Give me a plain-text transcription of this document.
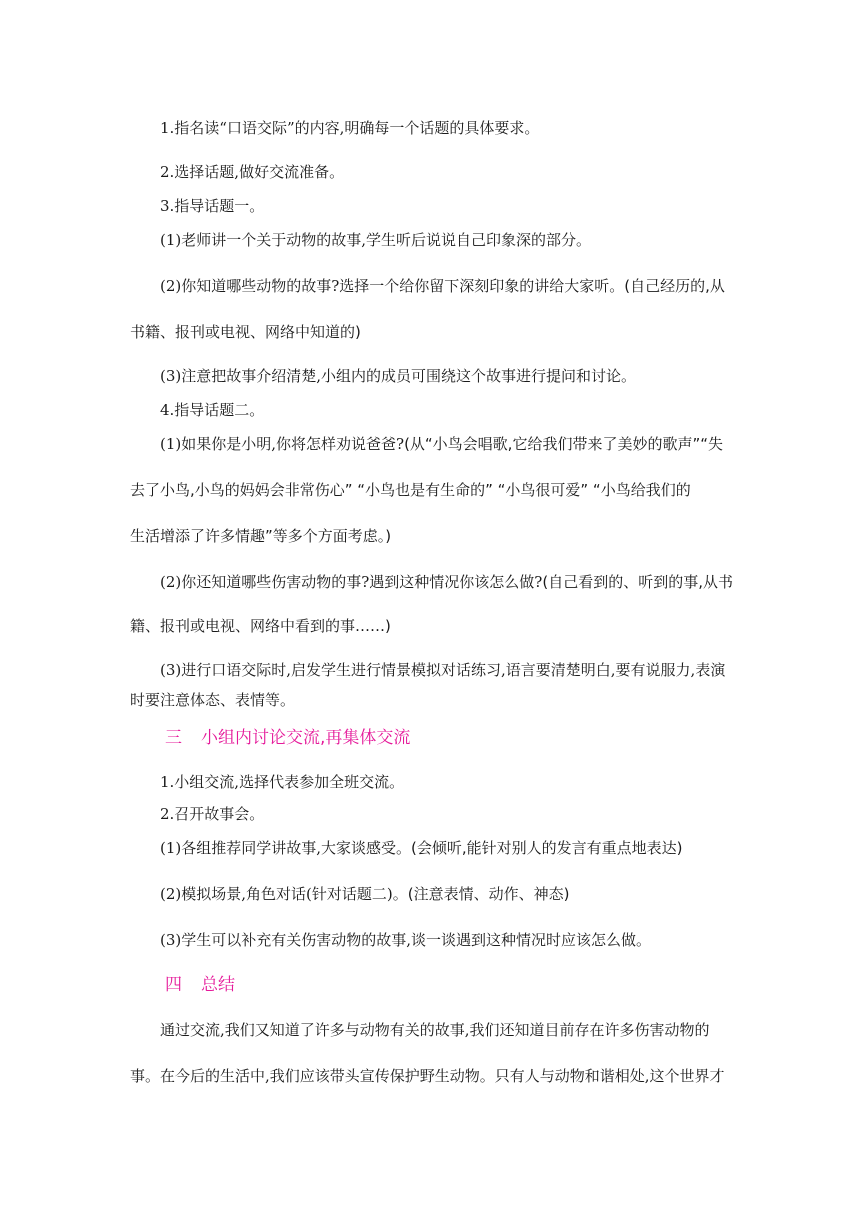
1.指名读“口语交际”的内容,明确每一个话题的具体要求。
2.选择话题,做好交流准备。
3.指导话题一。
(1)老师讲一个关于动物的故事,学生听后说说自己印象深的部分。
(2)你知道哪些动物的故事?选择一个给你留下深刻印象的讲给大家听。(自己经历的,从
书籍、报刊或电视、网络中知道的)
(3)注意把故事介绍清楚,小组内的成员可围绕这个故事进行提问和讨论。
4.指导话题二。
(1)如果你是小明,你将怎样劝说爸爸?(从“小鸟会唱歌,它给我们带来了美妙的歌声”“失
去了小鸟,小鸟的妈妈会非常伤心” “小鸟也是有生命的” “小鸟很可爱” “小鸟给我们的
生活增添了许多情趣”等多个方面考虑。)
(2)你还知道哪些伤害动物的事?遇到这种情况你该怎么做?(自己看到的、听到的事,从书
籍、报刊或电视、网络中看到的事……)
(3)进行口语交际时,启发学生进行情景模拟对话练习,语言要清楚明白,要有说服力,表演
时要注意体态、表情等。
三 小组内讨论交流,再集体交流
1.小组交流,选择代表参加全班交流。
2.召开故事会。
(1)各组推荐同学讲故事,大家谈感受。(会倾听,能针对别人的发言有重点地表达)
(2)模拟场景,角色对话(针对话题二)。(注意表情、动作、神态)
(3)学生可以补充有关伤害动物的故事,谈一谈遇到这种情况时应该怎么做。
四 总结
通过交流,我们又知道了许多与动物有关的故事,我们还知道目前存在许多伤害动物的
事。在今后的生活中,我们应该带头宣传保护野生动物。只有人与动物和谐相处,这个世界才
